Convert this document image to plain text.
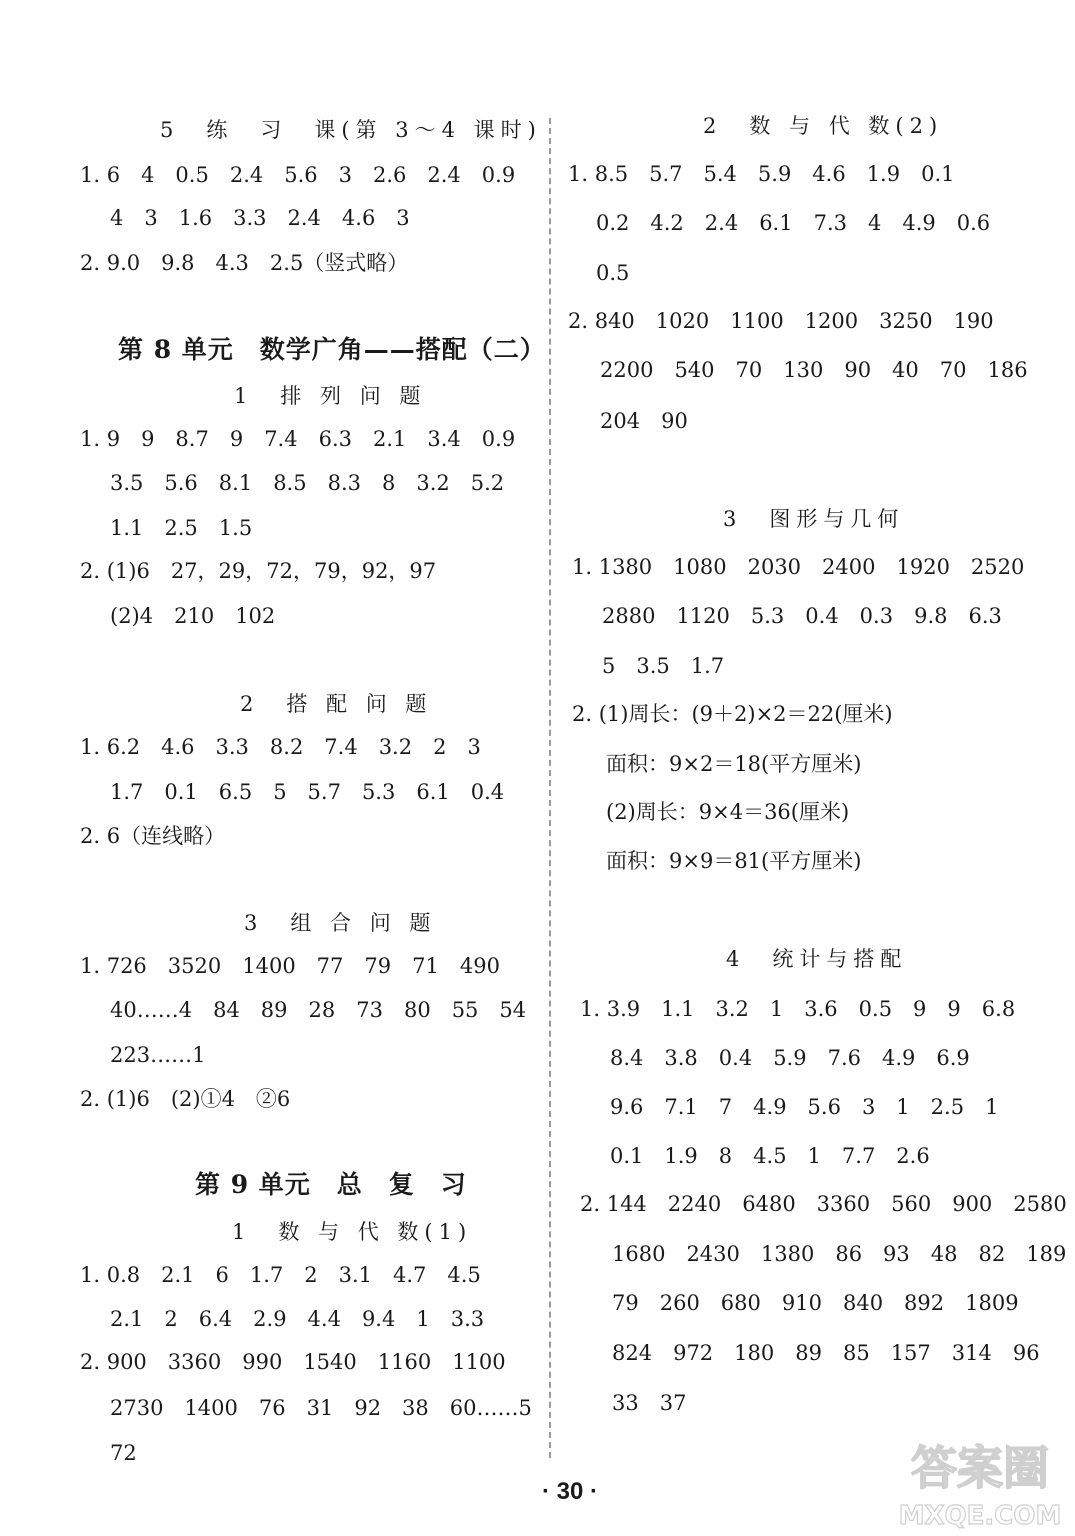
5　练　习　课(第 3～4 课时)
1. 6　4　0.5　2.4　5.6　3　2.6　2.4　0.9
4　3　1.6　3.3　2.4　4.6　3
2. 9.0　9.8　4.3　2.5（竖式略）
第 8 单元　数学广角——搭配（二）
1　排 列 问 题
1. 9　9　8.7　9　7.4　6.3　2.1　3.4　0.9
3.5　5.6　8.1　8.5　8.3　8　3.2　5.2
1.1　2.5　1.5
2. (1)6　27，29，72，79，92，97
(2)4　210　102
2　搭 配 问 题
1. 6.2　4.6　3.3　8.2　7.4　3.2　2　3
1.7　0.1　6.5　5　5.7　5.3　6.1　0.4
2. 6（连线略）
3　组 合 问 题
1. 726　3520　1400　77　79　71　490
40……4　84　89　28　73　80　55　54
223……1
2. (1)6　(2)①4　②6
第 9 单元　总　复　习
1　数 与 代 数(1)
1. 0.8　2.1　6　1.7　2　3.1　4.7　4.5
2.1　2　6.4　2.9　4.4　9.4　1　3.3
2. 900　3360　990　1540　1160　1100
2730　1400　76　31　92　38　60……5
72
2　数 与 代 数(2)
1. 8.5　5.7　5.4　5.9　4.6　1.9　0.1
0.2　4.2　2.4　6.1　7.3　4　4.9　0.6
0.5
2. 840　1020　1100　1200　3250　190
2200　540　70　130　90　40　70　186
204　90
3　图形与几何
1. 1380　1080　2030　2400　1920　2520
2880　1120　5.3　0.4　0.3　9.8　6.3
5　3.5　1.7
2. (1)周长：(9＋2)×2＝22(厘米)
面积：9×2＝18(平方厘米)
(2)周长：9×4＝36(厘米)
面积：9×9＝81(平方厘米)
4　统计与搭配
1. 3.9　1.1　3.2　1　3.6　0.5　9　9　6.8
8.4　3.8　0.4　5.9　7.6　4.9　6.9
9.6　7.1　7　4.9　5.6　3　1　2.5　1
0.1　1.9　8　4.5　1　7.7　2.6
2. 144　2240　6480　3360　560　900　2580
1680　2430　1380　86　93　48　82　189
79　260　680　910　840　892　1809
824　972　180　89　85　157　314　96
33　37
· 30 ·	答案圈
MXQE.COM
